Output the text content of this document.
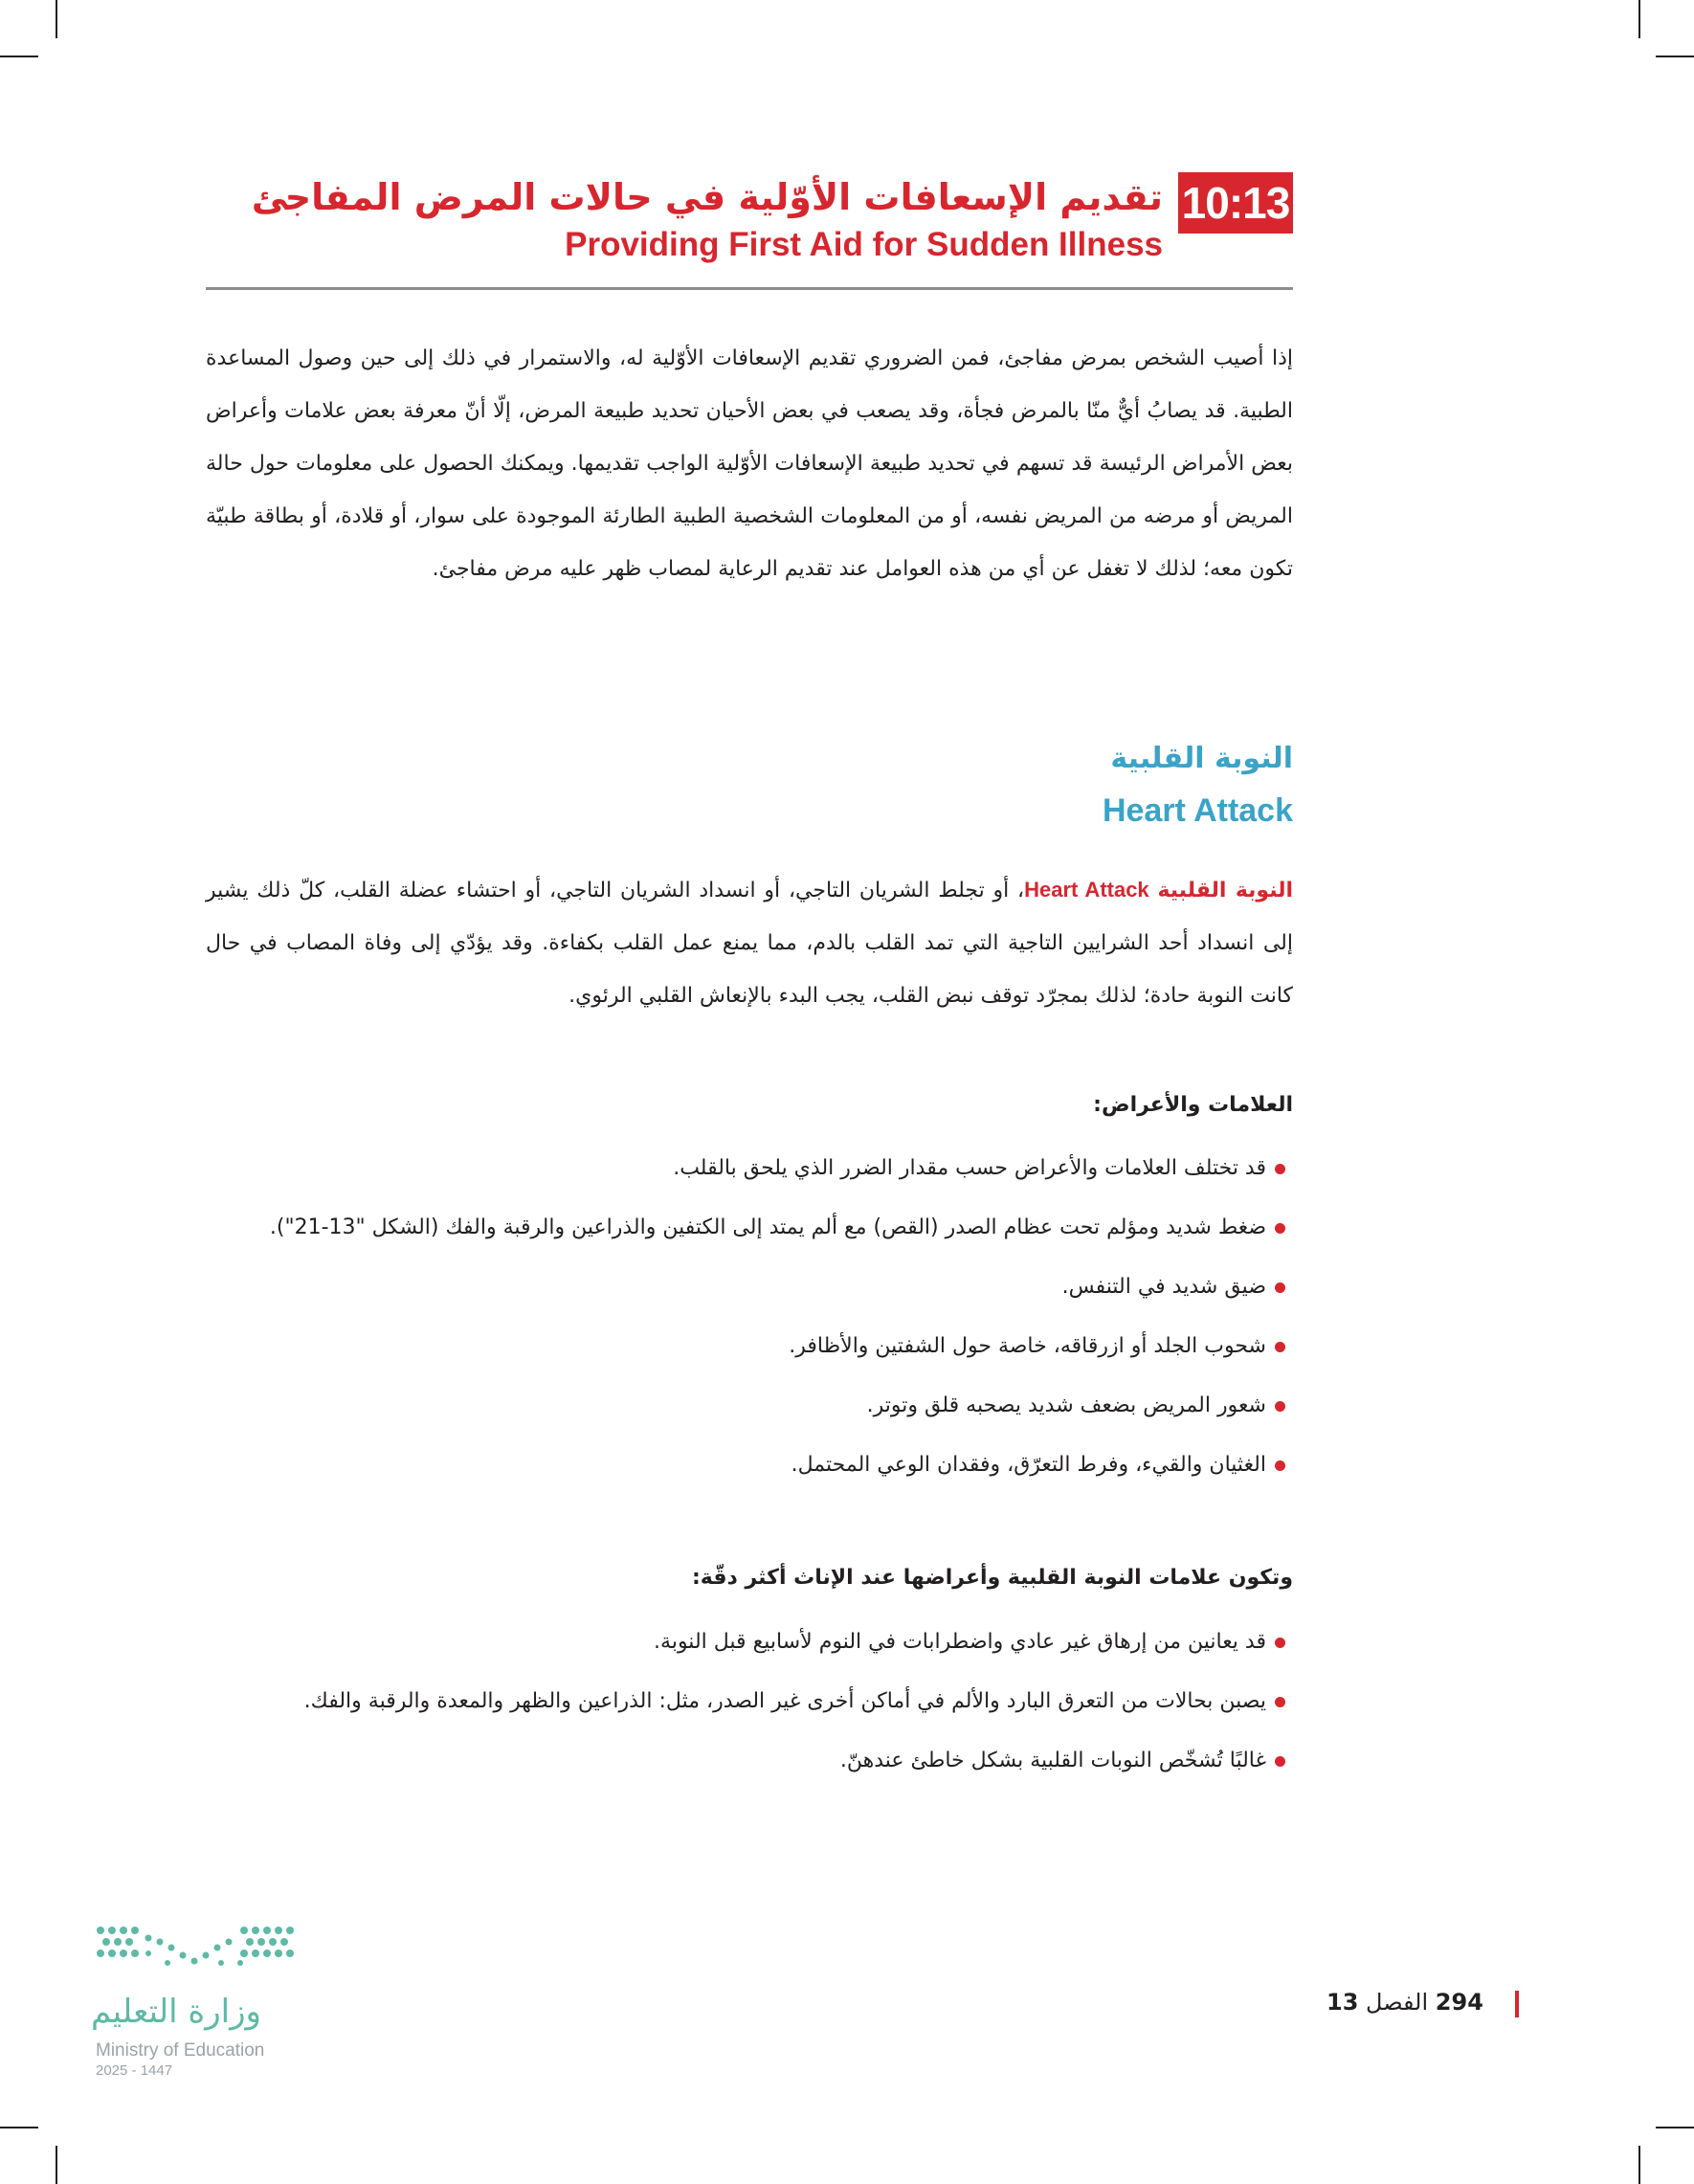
10:13
تقديم الإسعافات الأوّلية في حالات المرض المفاجئ
Providing First Aid for Sudden Illness

إذا أصيب الشخص بمرض مفاجئ، فمن الضروري تقديم الإسعافات الأوّلية له، والاستمرار في ذلك إلى حين وصول المساعدة الطبية. قد يصابُ أيٌّ منّا بالمرض فجأة، وقد يصعب في بعض الأحيان تحديد طبيعة المرض، إلّا أنّ معرفة بعض علامات وأعراض بعض الأمراض الرئيسة قد تسهم في تحديد طبيعة الإسعافات الأوّلية الواجب تقديمها. ويمكنك الحصول على معلومات حول حالة المريض أو مرضه من المريض نفسه، أو من المعلومات الشخصية الطبية الطارئة الموجودة على سوار، أو قلادة، أو بطاقة طبيّة تكون معه؛ لذلك لا تغفل عن أي من هذه العوامل عند تقديم الرعاية لمصاب ظهر عليه مرض مفاجئ.

النوبة القلبية
Heart Attack

النوبة القلبية Heart Attack، أو تجلط الشريان التاجي، أو انسداد الشريان التاجي، أو احتشاء عضلة القلب، كلّ ذلك يشير إلى انسداد أحد الشرايين التاجية التي تمد القلب بالدم، مما يمنع عمل القلب بكفاءة. وقد يؤدّي إلى وفاة المصاب في حال كانت النوبة حادة؛ لذلك بمجرّد توقف نبض القلب، يجب البدء بالإنعاش القلبي الرئوي.

العلامات والأعراض:
قد تختلف العلامات والأعراض حسب مقدار الضرر الذي يلحق بالقلب.
ضغط شديد ومؤلم تحت عظام الصدر (القص) مع ألم يمتد إلى الكتفين والذراعين والرقبة والفك (الشكل "13-21").
ضيق شديد في التنفس.
شحوب الجلد أو ازرقاقه، خاصة حول الشفتين والأظافر.
شعور المريض بضعف شديد يصحبه قلق وتوتر.
الغثيان والقيء، وفرط التعرّق، وفقدان الوعي المحتمل.
وتكون علامات النوبة القلبية وأعراضها عند الإناث أكثر دقّة:
قد يعانين من إرهاق غير عادي واضطرابات في النوم لأسابيع قبل النوبة.
يصبن بحالات من التعرق البارد والألم في أماكن أخرى غير الصدر، مثل: الذراعين والظهر والمعدة والرقبة والفك.
غالبًا تُشخّص النوبات القلبية بشكل خاطئ عندهنّ.
294 الفصل 13
وزارة التعليم
Ministry of Education
2025 - 1447
